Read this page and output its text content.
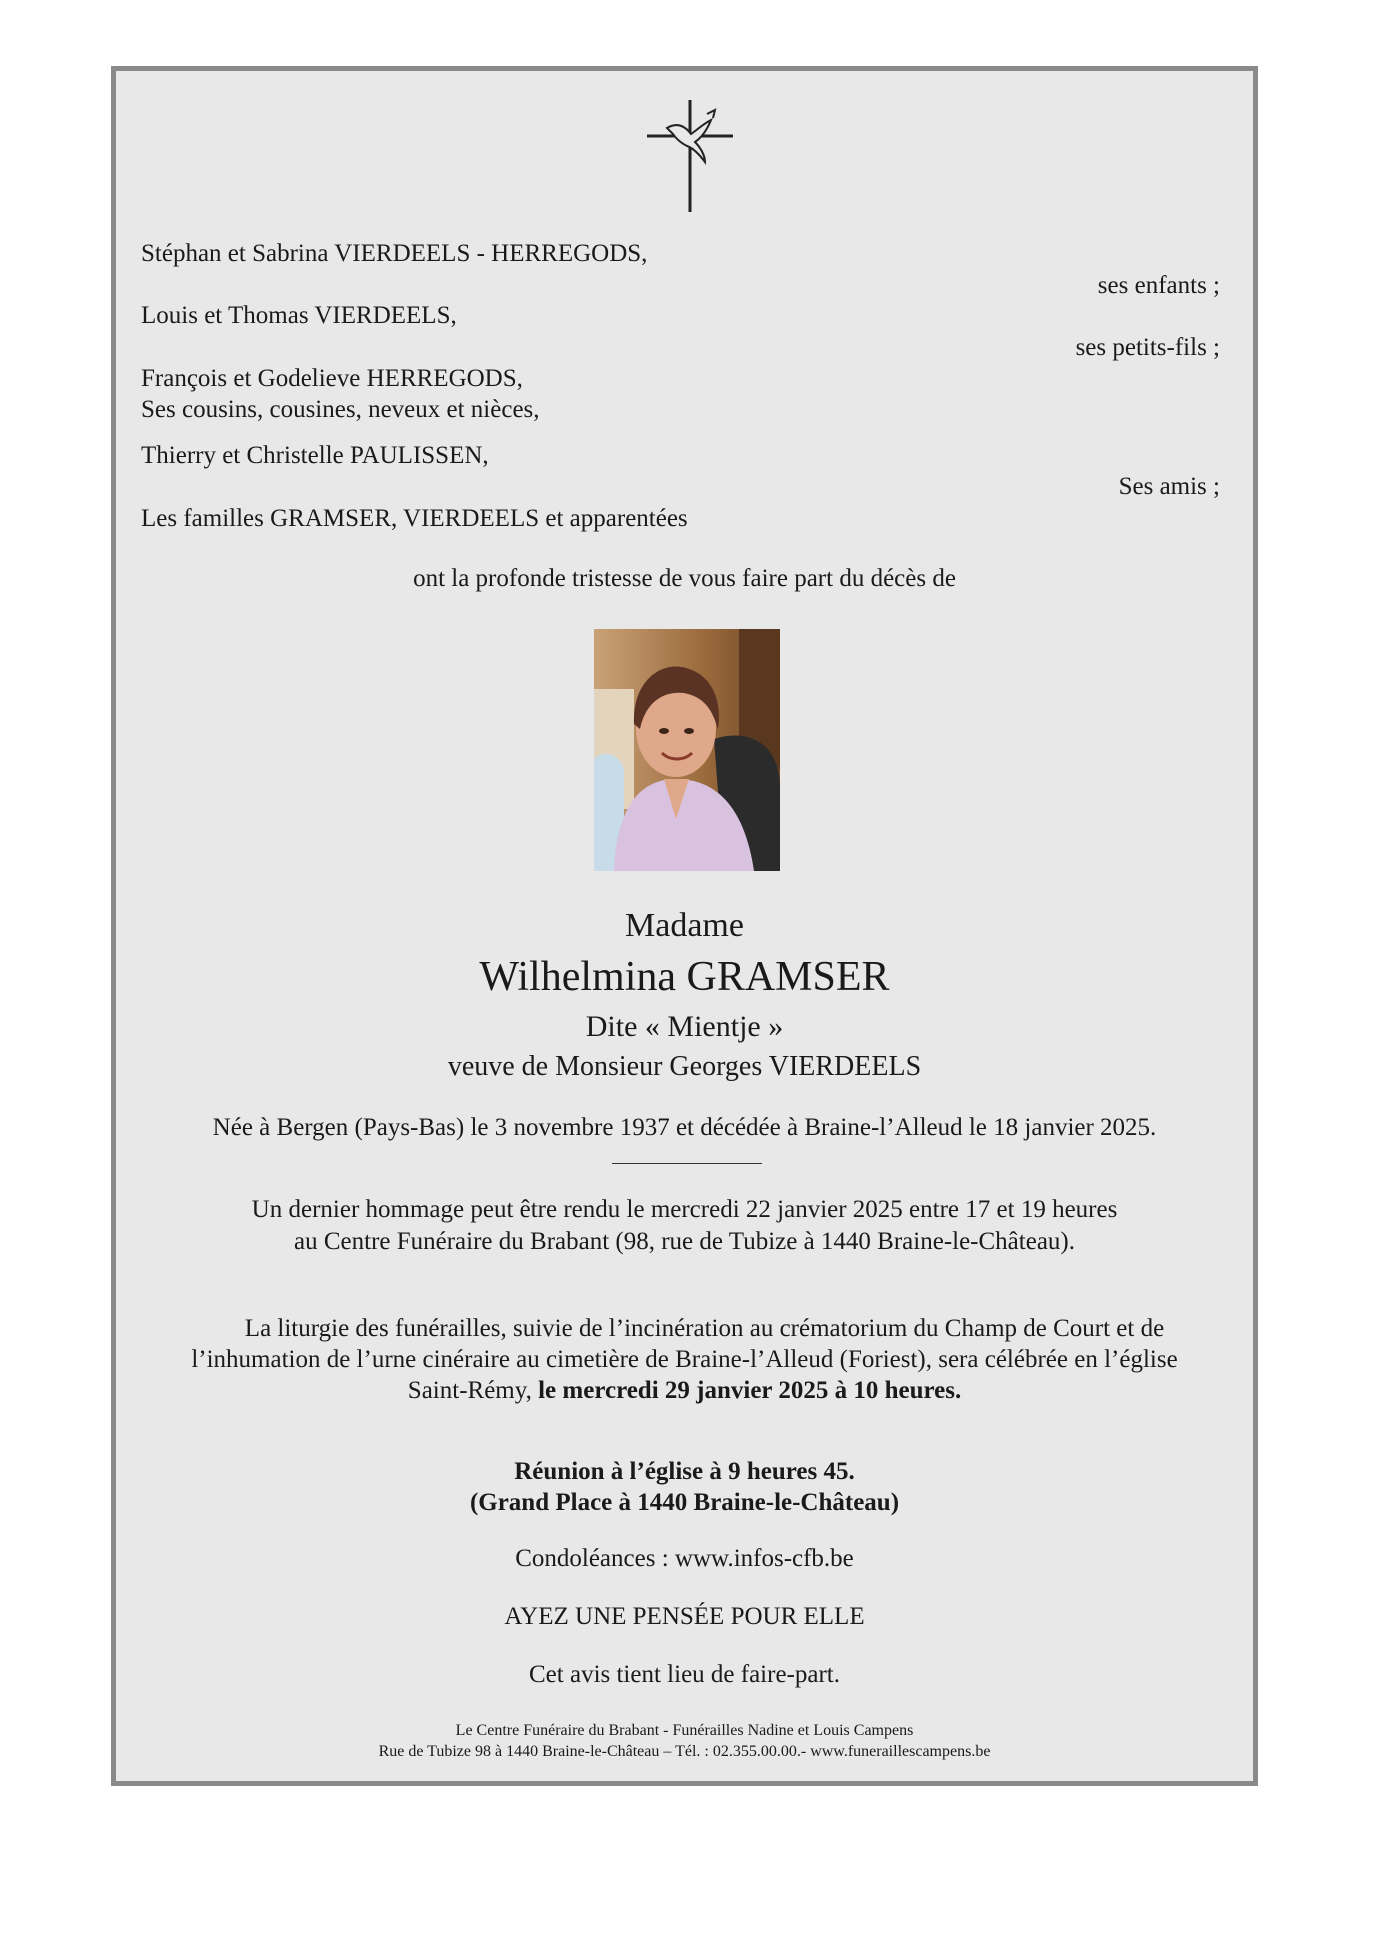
Stéphan et Sabrina VIERDEELS - HERREGODS,
ses enfants ;
Louis et Thomas VIERDEELS,
ses petits-fils ;
François et Godelieve HERREGODS,
Ses cousins, cousines, neveux et nièces,
Thierry et Christelle PAULISSEN,
Ses amis ;
Les familles GRAMSER, VIERDEELS et apparentées
ont la profonde tristesse de vous faire part du décès de
Madame
Wilhelmina GRAMSER
Dite « Mientje »
veuve de Monsieur Georges VIERDEELS
Née à Bergen (Pays-Bas) le 3 novembre 1937 et décédée à Braine-l’Alleud le 18 janvier 2025.
Un dernier hommage peut être rendu le mercredi 22 janvier 2025 entre 17 et 19 heures
au Centre Funéraire du Brabant (98, rue de Tubize à 1440 Braine-le-Château).
La liturgie des funérailles, suivie de l’incinération au crématorium du Champ de Court et de
l’inhumation de l’urne cinéraire au cimetière de Braine-l’Alleud (Foriest), sera célébrée en l’église
Saint-Rémy, le mercredi 29 janvier 2025 à 10 heures.
Réunion à l’église à 9 heures 45.
(Grand Place à 1440 Braine-le-Château)
Condoléances : www.infos-cfb.be
AYEZ UNE PENSÉE POUR ELLE
Cet avis tient lieu de faire-part.
Le Centre Funéraire du Brabant - Funérailles Nadine et Louis Campens
Rue de Tubize 98 à 1440 Braine-le-Château – Tél. : 02.355.00.00.- www.funeraillescampens.be
